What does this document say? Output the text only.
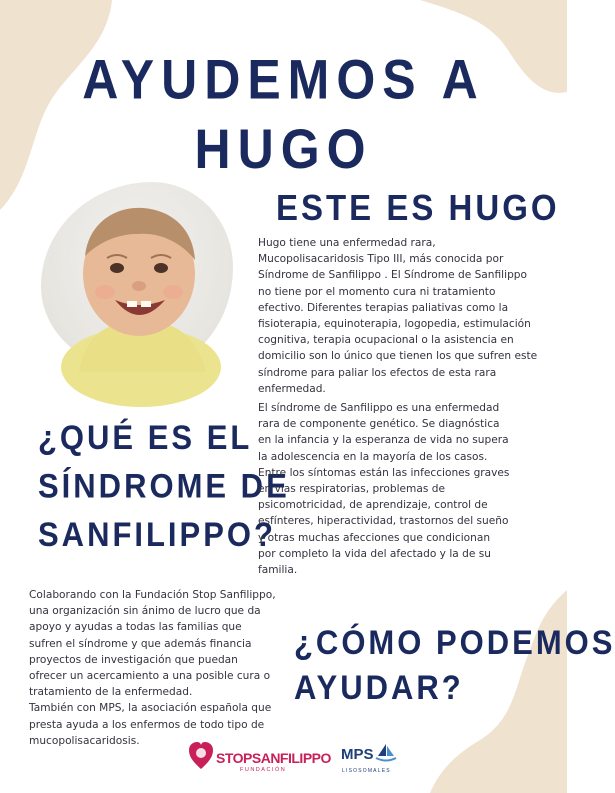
AYUDEMOS A
HUGO
ESTE ES HUGO

Hugo tiene una enfermedad rara, Mucopolisacaridosis Tipo III, más conocida por Síndrome de Sanfilippo . El Síndrome de Sanfilippo no tiene por el momento cura ni tratamiento efectivo. Diferentes terapias paliativas como la fisioterapia, equinoterapia, logopedia, estimulación cognitiva, terapia ocupacional o la asistencia en domicilio son lo único que tienen los que sufren este síndrome para paliar los efectos de esta rara enfermedad.

¿QUÉ ES EL
SÍNDROME DE
SANFILIPPO?

El síndrome de Sanfilippo es una enfermedad rara de componente genético. Se diagnóstica en la infancia y la esperanza de vida no supera la adolescencia en la mayoría de los casos. Entre los síntomas están las infecciones graves en vías respiratorias, problemas de psicomotricidad, de aprendizaje, control de esfínteres, hiperactividad, trastornos del sueño y otras muchas afecciones que condicionan por completo la vida del afectado y la de su familia.

Colaborando con la Fundación Stop Sanfilippo, una organización sin ánimo de lucro que da apoyo y ayudas a todas las familias que sufren el síndrome y que además financia proyectos de investigación que puedan ofrecer un acercamiento a una posible cura o tratamiento de la enfermedad.
También con MPS, la asociación española que presta ayuda a los enfermos de todo tipo de mucopolisacaridosis.
¿CÓMO PODEMOS
AYUDAR?
STOPSANFILIPPO
FUNDACIÓN
MPS
LISOSOMALES
